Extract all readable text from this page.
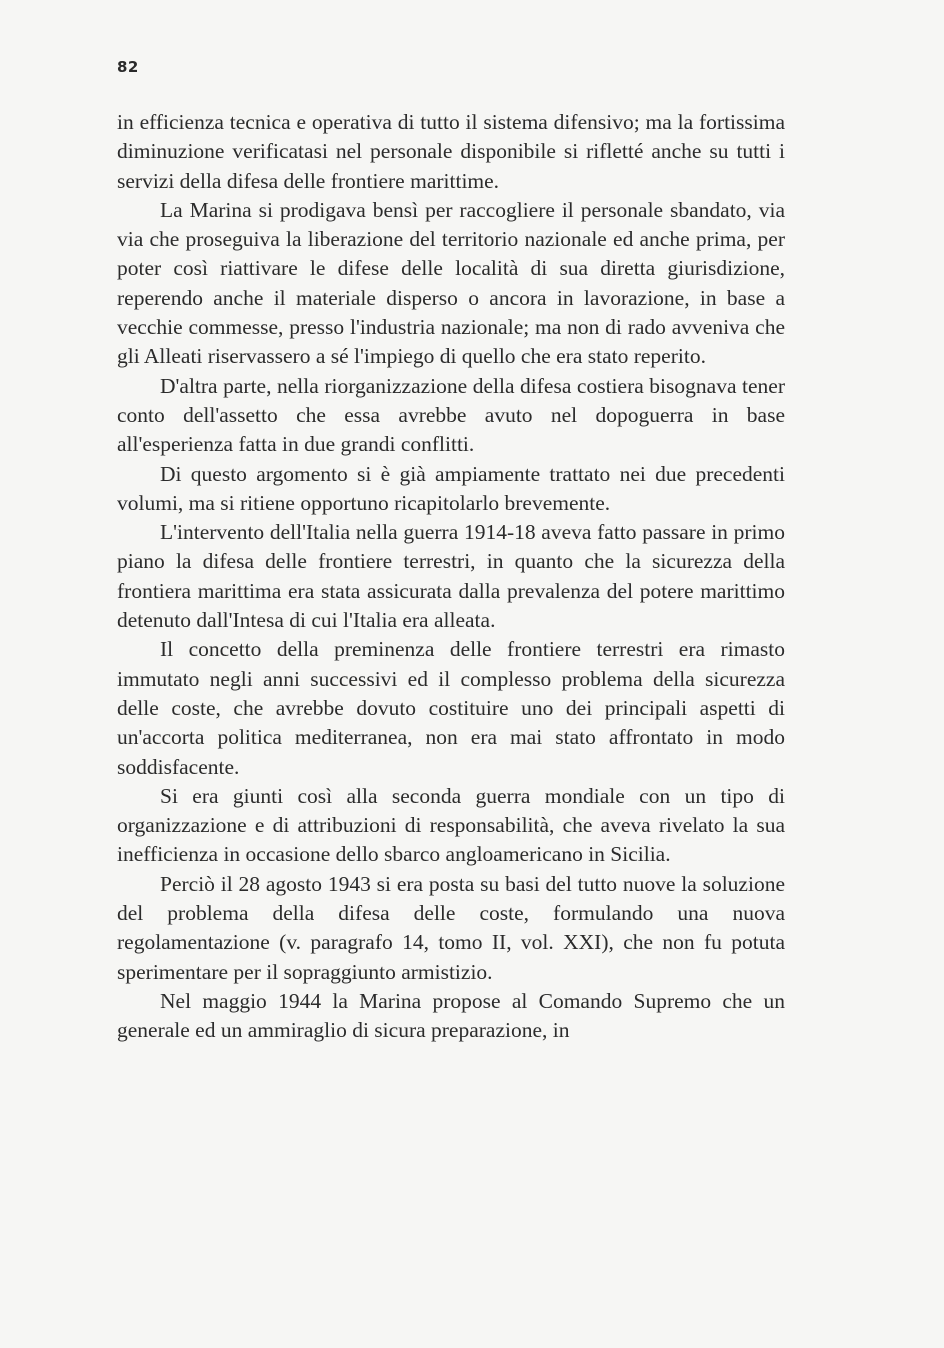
82

in efficienza tecnica e operativa di tutto il sistema difensivo; ma la fortissima diminuzione verificatasi nel personale disponibile si rifletté anche su tutti i servizi della difesa delle frontiere marittime.

La Marina si prodigava bensì per raccogliere il personale sbandato, via via che proseguiva la liberazione del territorio nazionale ed anche prima, per poter così riattivare le difese delle località di sua diretta giurisdizione, reperendo anche il materiale disperso o ancora in lavorazione, in base a vecchie commesse, presso l'industria nazionale; ma non di rado avveniva che gli Alleati riservassero a sé l'impiego di quello che era stato reperito.

D'altra parte, nella riorganizzazione della difesa costiera bisognava tener conto dell'assetto che essa avrebbe avuto nel dopoguerra in base all'esperienza fatta in due grandi conflitti.

Di questo argomento si è già ampiamente trattato nei due precedenti volumi, ma si ritiene opportuno ricapitolarlo brevemente.

L'intervento dell'Italia nella guerra 1914-18 aveva fatto passare in primo piano la difesa delle frontiere terrestri, in quanto che la sicurezza della frontiera marittima era stata assicurata dalla prevalenza del potere marittimo detenuto dall'Intesa di cui l'Italia era alleata.

Il concetto della preminenza delle frontiere terrestri era rimasto immutato negli anni successivi ed il complesso problema della sicurezza delle coste, che avrebbe dovuto costituire uno dei principali aspetti di un'accorta politica mediterranea, non era mai stato affrontato in modo soddisfacente.

Si era giunti così alla seconda guerra mondiale con un tipo di organizzazione e di attribuzioni di responsabilità, che aveva rivelato la sua inefficienza in occasione dello sbarco angloamericano in Sicilia.

Perciò il 28 agosto 1943 si era posta su basi del tutto nuove la soluzione del problema della difesa delle coste, formulando una nuova regolamentazione (v. paragrafo 14, tomo II, vol. XXI), che non fu potuta sperimentare per il sopraggiunto armistizio.

Nel maggio 1944 la Marina propose al Comando Supremo che un generale ed un ammiraglio di sicura preparazione, in
